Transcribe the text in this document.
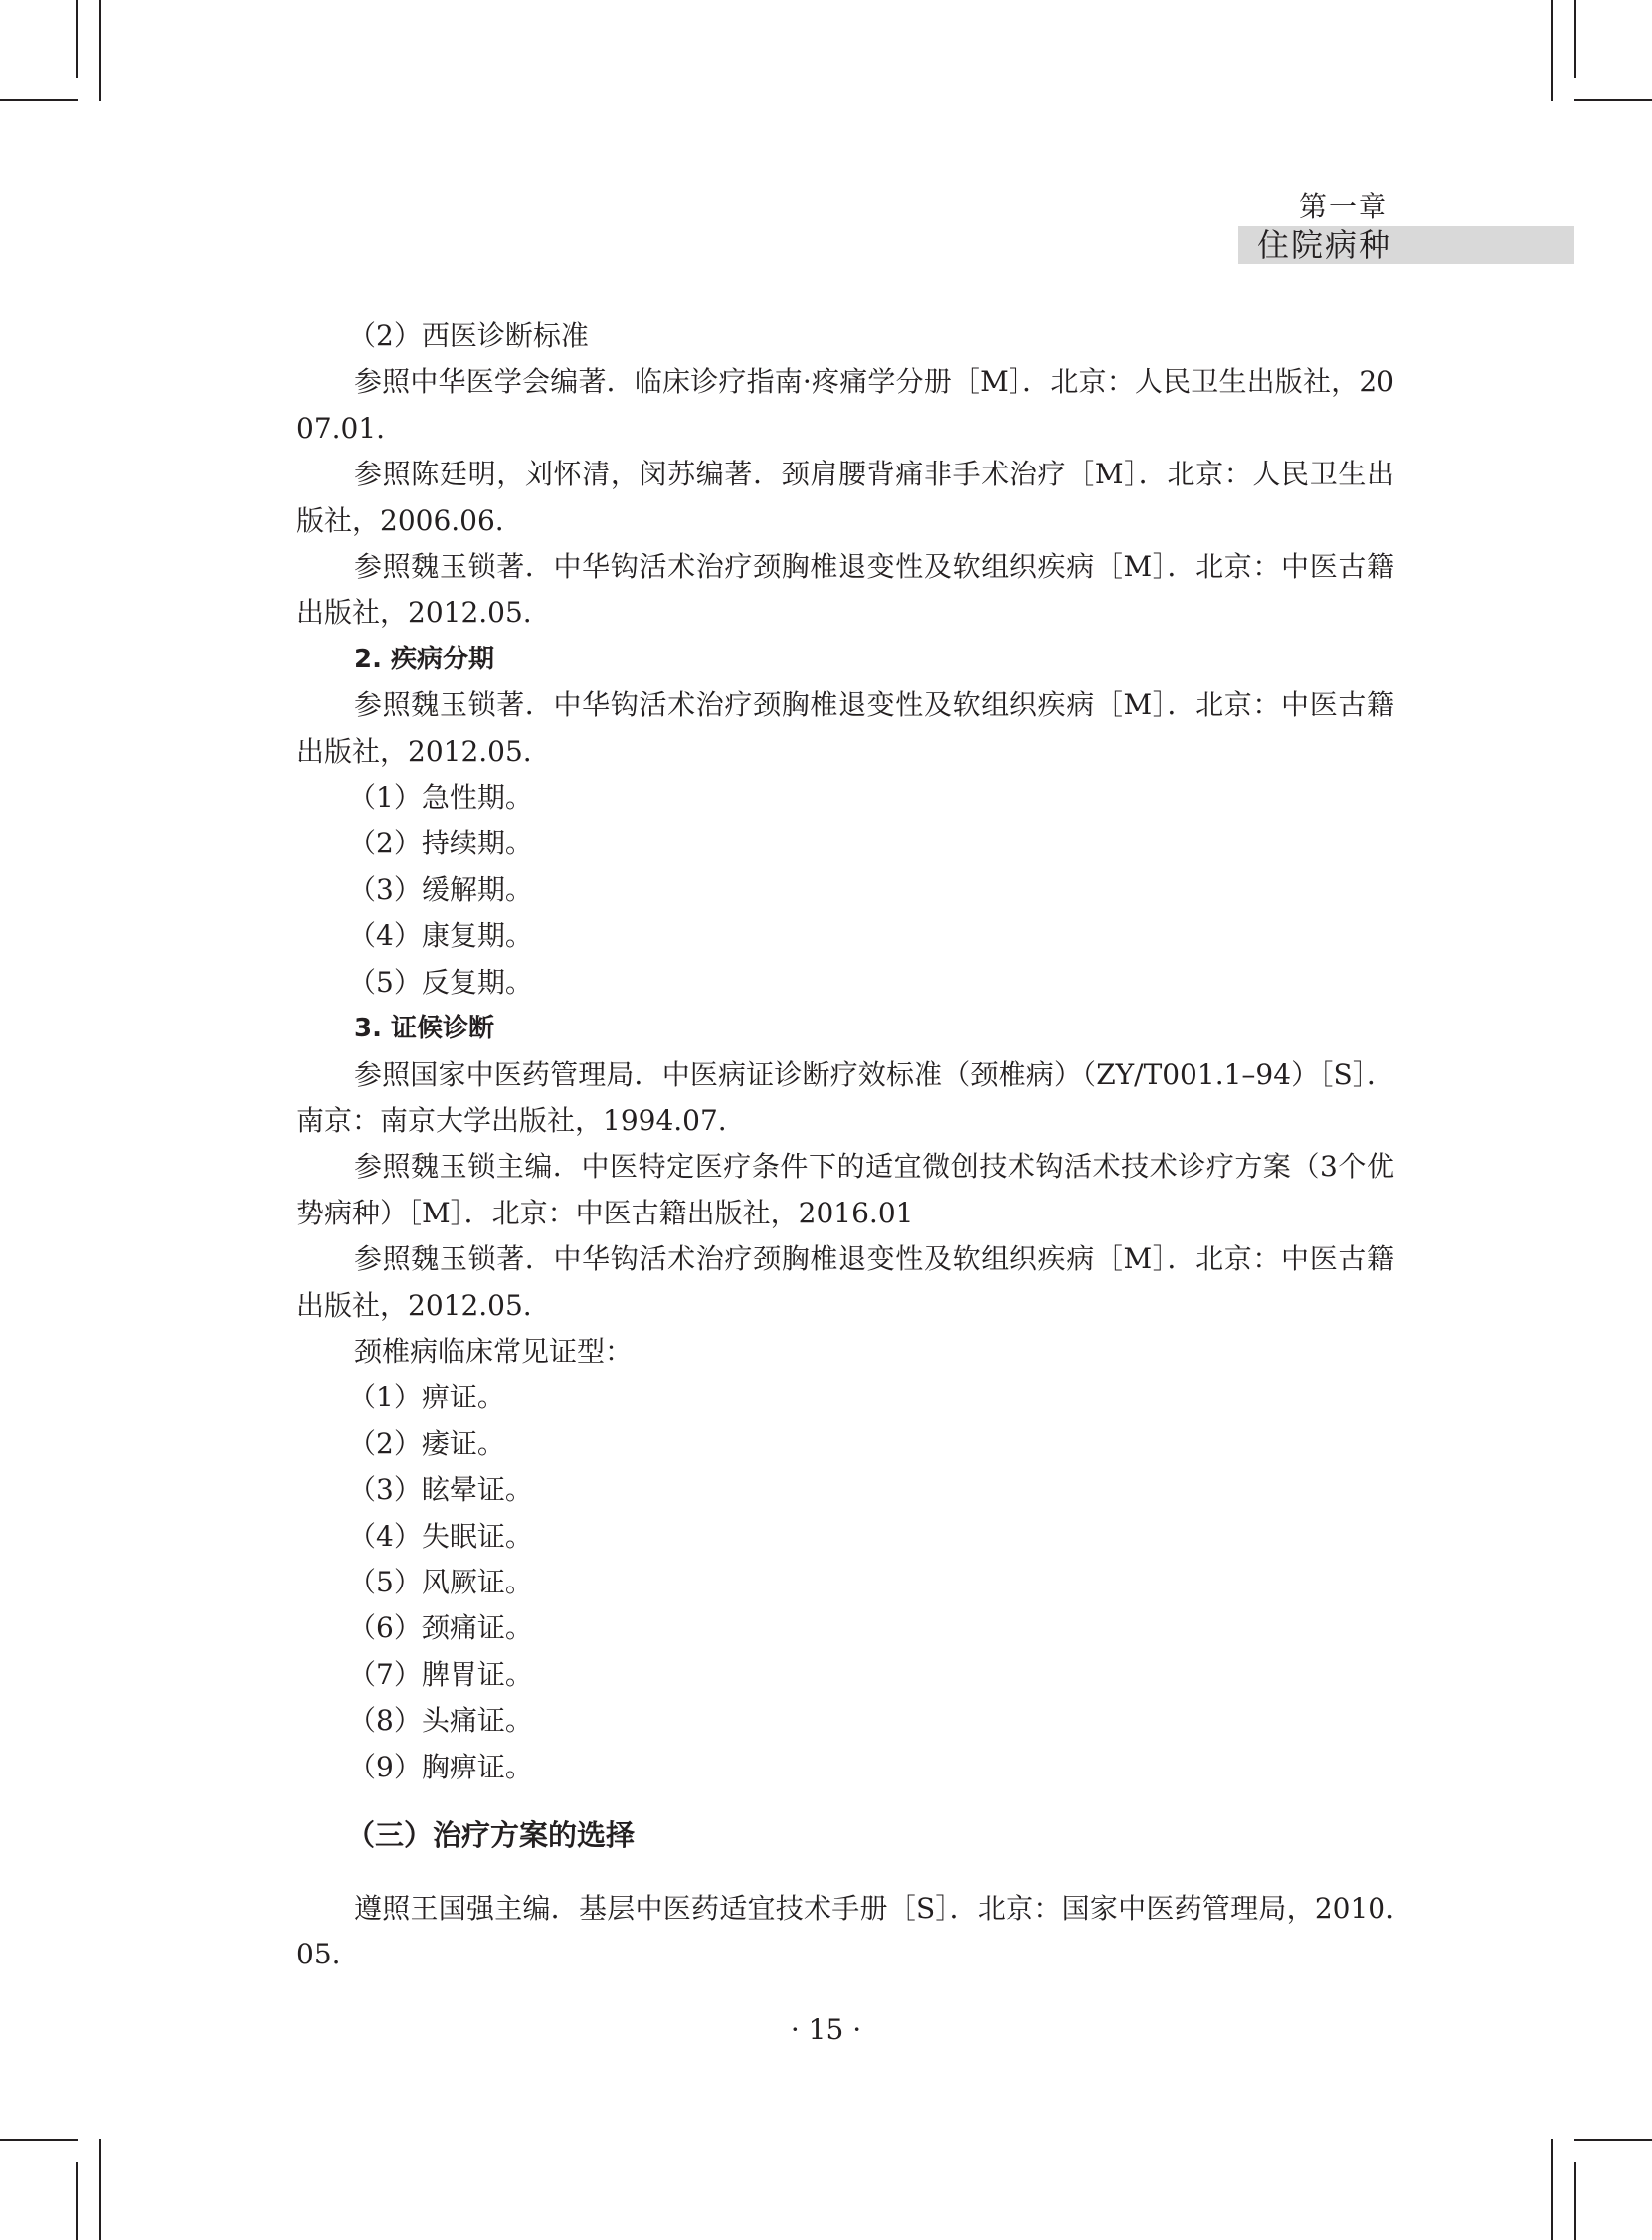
第一章
住院病种

（2）西医诊断标准

参照中华医学会编著．临床诊疗指南·疼痛学分册［M］．北京：人民卫生出版社，2007.01.

参照陈廷明，刘怀清，闵苏编著．颈肩腰背痛非手术治疗［M］．北京：人民卫生出版社，2006.06.

参照魏玉锁著．中华钩活术治疗颈胸椎退变性及软组织疾病［M］．北京：中医古籍出版社，2012.05.

2. 疾病分期

参照魏玉锁著．中华钩活术治疗颈胸椎退变性及软组织疾病［M］．北京：中医古籍出版社，2012.05.

（1）急性期。

（2）持续期。

（3）缓解期。

（4）康复期。

（5）反复期。

3. 证候诊断

参照国家中医药管理局．中医病证诊断疗效标准（颈椎病）（ZY/T001.1–94）［S］．南京：南京大学出版社，1994.07.

参照魏玉锁主编．中医特定医疗条件下的适宜微创技术钩活术技术诊疗方案（3个优势病种）［M］．北京：中医古籍出版社，2016.01

参照魏玉锁著．中华钩活术治疗颈胸椎退变性及软组织疾病［M］．北京：中医古籍出版社，2012.05.

颈椎病临床常见证型：

（1）痹证。

（2）痿证。

（3）眩晕证。

（4）失眠证。

（5）风厥证。

（6）颈痛证。

（7）脾胃证。

（8）头痛证。

（9）胸痹证。

（三）治疗方案的选择

遵照王国强主编．基层中医药适宜技术手册［S］．北京：国家中医药管理局，2010.05.

· 15 ·
